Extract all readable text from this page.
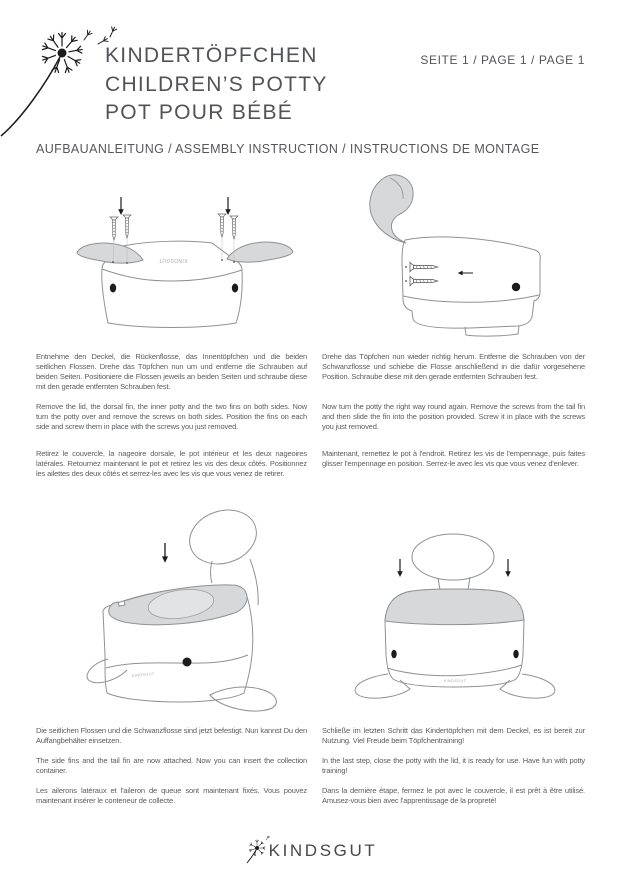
KINDERTÖPFCHEN
CHILDREN’S POTTY
POT POUR BÉBÉ
SEITE 1 / PAGE 1 / PAGE 1
AUFBAUANLEITUNG / ASSEMBLY INSTRUCTION / INSTRUCTIONS DE MONTAGE
KINDSGUT
KINDSGUT
KINDSGUT

Entnehme den Deckel, die Rückenflosse, das Innentöpfchen und die beiden seitlichen Flossen. Drehe das Töpfchen nun um und entferne die Schrauben auf beiden Seiten. Positioniere die Flossen jeweils an beiden Seiten und schraube diese mit den gerade entfernten Schrauben fest.

Remove the lid, the dorsal fin, the inner potty and the two fins on both sides. Now turn the potty over and remove the screws on both sides. Position the fins on each side and screw them in place with the screws you just removed.

Retirez le couvercle, la nageoire dorsale, le pot intérieur et les deux nageoires latérales. Retournez maintenant le pot et retirez les vis des deux côtés. Positionnez les ailettes des deux côtés et serrez-les avec les vis que vous venez de retirer.

Drehe das Töpfchen nun wieder richtig herum. Entferne die Schrauben von der Schwanzflosse und schiebe die Flosse anschließend in die dafür vorgesehene Position. Schraube diese mit den gerade entfernten Schrauben fest.

Now turn the potty the right way round again. Remove the screws from the tail fin and then slide the fin into the position provided. Screw it in place with the screws you just removed.

Maintenant, remettez le pot à l'endroit. Retirez les vis de l'empennage, puis faites glisser l'empennage en position. Serrez-le avec les vis que vous venez d'enlever.

Die seitlichen Flossen und die Schwanzflosse sind jetzt befestigt. Nun kannst Du den Auffangbehälter einsetzen.

The side fins and the tail fin are now attached. Now you can insert the collection container.

Les ailerons latéraux et l'aileron de queue sont maintenant fixés. Vous pouvez maintenant insérer le conteneur de collecte.

Schließe im letzten Schritt das Kindertöpfchen mit dem Deckel, es ist bereit zur Nutzung. Viel Freude beim Töpfchentraining!

In the last step, close the potty with the lid, it is ready for use. Have fun with potty training!

Dans la dernière étape, fermez le pot avec le couvercle, il est prêt à être utilisé. Amusez-vous bien avec l'apprentissage de la propreté!

KINDSGUT
